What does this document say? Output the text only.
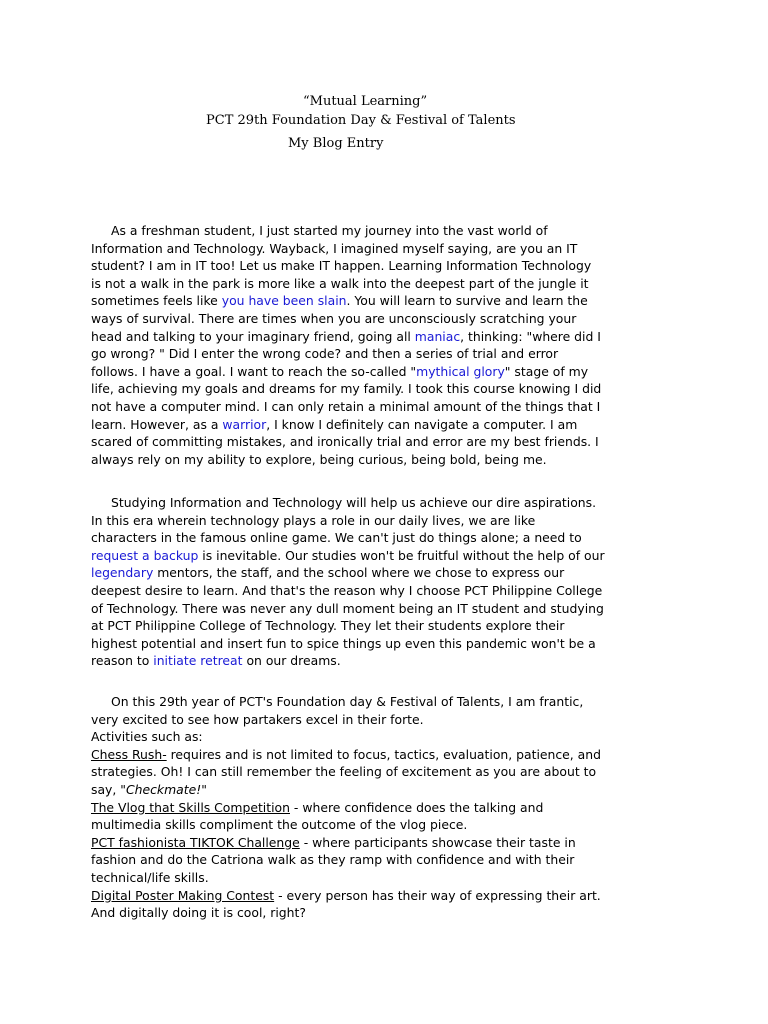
“Mutual Learning”
PCT 29th Foundation Day & Festival of Talents
My Blog Entry
As a freshman student, I just started my journey into the vast world of
Information and Technology. Wayback, I imagined myself saying, are you an IT
student? I am in IT too! Let us make IT happen. Learning Information Technology
is not a walk in the park is more like a walk into the deepest part of the jungle it
sometimes feels like you have been slain. You will learn to survive and learn the
ways of survival. There are times when you are unconsciously scratching your
head and talking to your imaginary friend, going all maniac, thinking: "where did I
go wrong? " Did I enter the wrong code? and then a series of trial and error
follows. I have a goal. I want to reach the so-called "mythical glory" stage of my
life, achieving my goals and dreams for my family. I took this course knowing I did
not have a computer mind. I can only retain a minimal amount of the things that I
learn. However, as a warrior, I know I definitely can navigate a computer. I am
scared of committing mistakes, and ironically trial and error are my best friends. I
always rely on my ability to explore, being curious, being bold, being me.
Studying Information and Technology will help us achieve our dire aspirations.
In this era wherein technology plays a role in our daily lives, we are like
characters in the famous online game. We can't just do things alone; a need to
request a backup is inevitable. Our studies won't be fruitful without the help of our
legendary mentors, the staff, and the school where we chose to express our
deepest desire to learn. And that's the reason why I choose PCT Philippine College
of Technology. There was never any dull moment being an IT student and studying
at PCT Philippine College of Technology. They let their students explore their
highest potential and insert fun to spice things up even this pandemic won't be a
reason to initiate retreat on our dreams.
On this 29th year of PCT's Foundation day & Festival of Talents, I am frantic,
very excited to see how partakers excel in their forte.
Activities such as:
Chess Rush- requires and is not limited to focus, tactics, evaluation, patience, and
strategies. Oh! I can still remember the feeling of excitement as you are about to
say, "Checkmate!"
The Vlog that Skills Competition - where confidence does the talking and
multimedia skills compliment the outcome of the vlog piece.
PCT fashionista TIKTOK Challenge - where participants showcase their taste in
fashion and do the Catriona walk as they ramp with confidence and with their
technical/life skills.
Digital Poster Making Contest - every person has their way of expressing their art.
And digitally doing it is cool, right?
